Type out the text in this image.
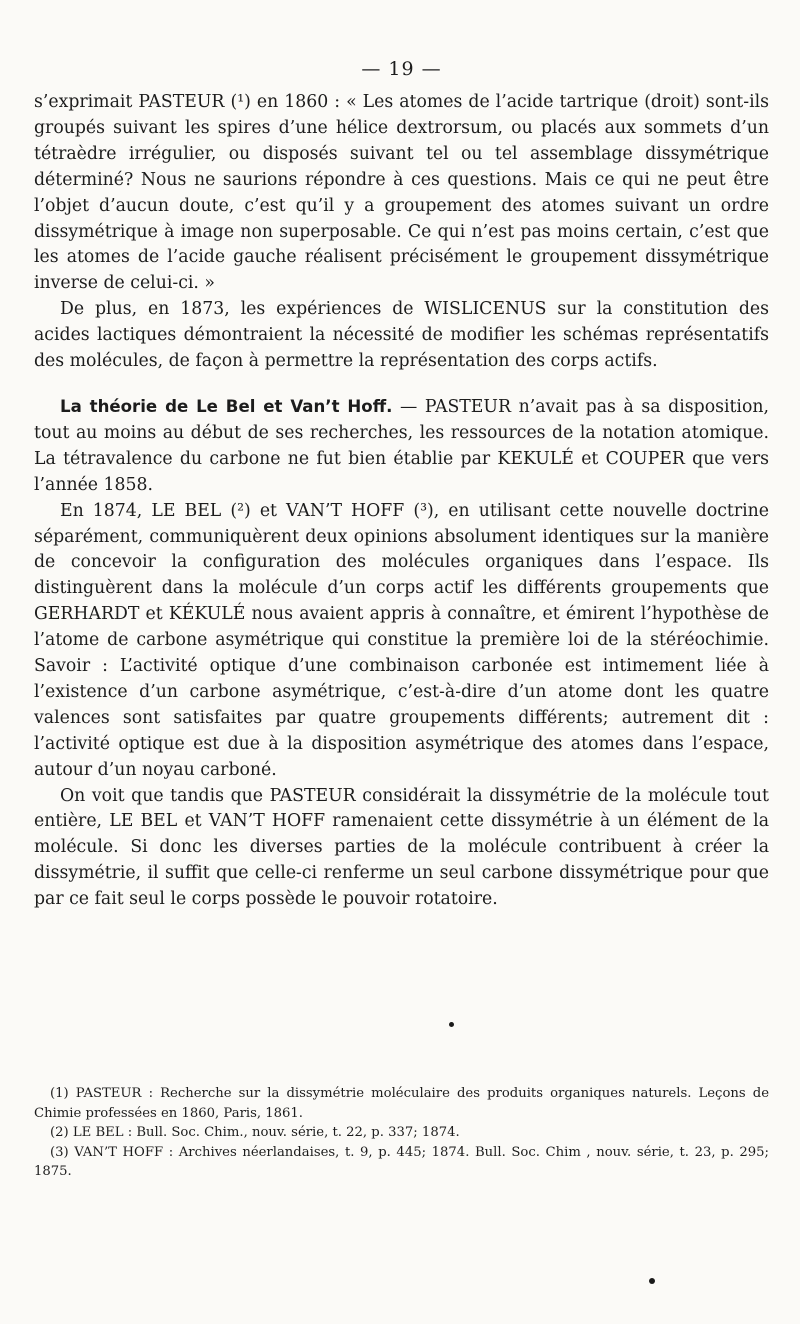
— 19 —

s’exprimait PASTEUR (¹) en 1860 : « Les atomes de l’acide tartrique (droit) sont-ils groupés suivant les spires d’une hélice dextrorsum, ou placés aux sommets d’un tétraèdre irrégulier, ou disposés suivant tel ou tel assemblage dissymétrique déterminé? Nous ne saurions répondre à ces questions. Mais ce qui ne peut être l’objet d’aucun doute, c’est qu’il y a groupement des atomes suivant un ordre dissymétrique à image non superposable. Ce qui n’est pas moins certain, c’est que les atomes de l’acide gauche réalisent précisément le groupement dissymétrique inverse de celui-ci. »

De plus, en 1873, les expériences de WISLICENUS sur la constitution des acides lactiques démontraient la nécessité de modifier les schémas représentatifs des molécules, de façon à permettre la représentation des corps actifs.

La théorie de Le Bel et Van’t Hoff. — PASTEUR n’avait pas à sa disposition, tout au moins au début de ses recherches, les ressources de la notation atomique. La tétravalence du carbone ne fut bien établie par KEKULÉ et COUPER que vers l’année 1858.

En 1874, LE BEL (²) et VAN’T HOFF (³), en utilisant cette nouvelle doctrine séparément, communiquèrent deux opinions absolument identiques sur la manière de concevoir la configuration des molécules organiques dans l’espace. Ils distinguèrent dans la molécule d’un corps actif les différents groupements que GERHARDT et KÉKULÉ nous avaient appris à connaître, et émirent l’hypothèse de l’atome de carbone asymétrique qui constitue la première loi de la stéréochimie. Savoir : L’activité optique d’une combinaison carbonée est intimement liée à l’existence d’un carbone asymétrique, c’est-à-dire d’un atome dont les quatre valences sont satisfaites par quatre groupements différents; autrement dit : l’activité optique est due à la disposition asymétrique des atomes dans l’espace, autour d’un noyau carboné.

On voit que tandis que PASTEUR considérait la dissymétrie de la molécule tout entière, LE BEL et VAN’T HOFF ramenaient cette dissymétrie à un élément de la molécule. Si donc les diverses parties de la molécule contribuent à créer la dissymétrie, il suffit que celle-ci renferme un seul carbone dissymétrique pour que par ce fait seul le corps possède le pouvoir rotatoire.

(1) PASTEUR : Recherche sur la dissymétrie moléculaire des produits organiques naturels. Leçons de Chimie professées en 1860, Paris, 1861.

(2) LE BEL : Bull. Soc. Chim., nouv. série, t. 22, p. 337; 1874.

(3) VAN’T HOFF : Archives néerlandaises, t. 9, p. 445; 1874. Bull. Soc. Chim , nouv. série, t. 23, p. 295; 1875.
